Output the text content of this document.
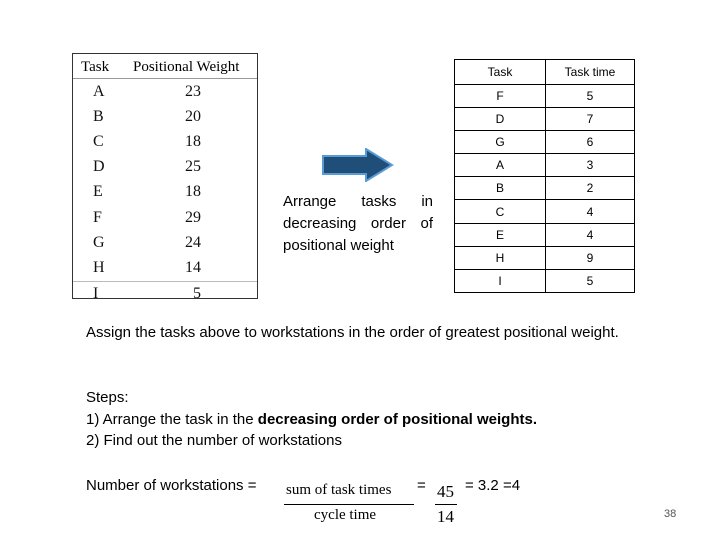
Task	Positional Weight
A	23
B	20
C	18
D	25
E	18
F	29
G	24
H	14
I	5
Arrange tasks in decreasing order of positional weight
Task	Task time
F	5
D	7
G	6
A	3
B	2
C	4
E	4
H	9
I	5
Assign the tasks above to workstations in the order of greatest positional weight.
Steps:
1) Arrange the task in the decreasing order of positional weights.
2) Find out the number of workstations
Number of workstations = sum of task times
cycle time
= 45
14
= 3.2 =4
38
